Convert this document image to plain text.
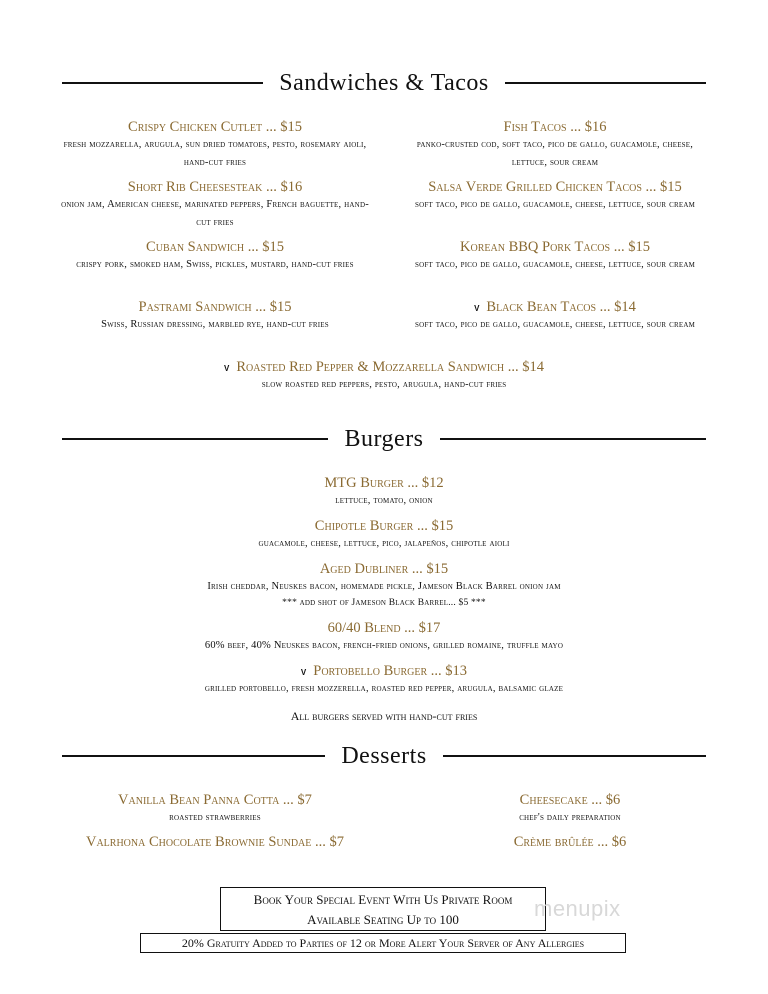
Sandwiches & Tacos
Crispy Chicken Cutlet ... $15
fresh mozzarella, arugula, sun dried tomatoes, pesto, rosemary aioli, hand-cut fries
Short Rib Cheesesteak ... $16
onion jam, American cheese, marinated peppers, French baguette, hand-cut fries
Cuban Sandwich ... $15
crispy pork, smoked ham, Swiss, pickles, mustard, hand-cut fries
Pastrami Sandwich ... $15
Swiss, Russian dressing, marbled rye, hand-cut fries
Fish Tacos ... $16
panko-crusted cod, soft taco, pico de gallo, guacamole, cheese, lettuce, sour cream
Salsa Verde Grilled Chicken Tacos ... $15
soft taco, pico de gallo, guacamole, cheese, lettuce, sour cream
Korean BBQ Pork Tacos ... $15
soft taco, pico de gallo, guacamole, cheese, lettuce, sour cream
v Black Bean Tacos ... $14
soft taco, pico de gallo, guacamole, cheese, lettuce, sour cream
v Roasted Red Pepper & Mozzarella Sandwich ... $14
slow roasted red peppers, pesto, arugula, hand-cut fries
Burgers
MTG Burger ... $12
lettuce, tomato, onion
Chipotle Burger ... $15
guacamole, cheese, lettuce, pico, jalapeños, chipotle aioli
Aged Dubliner ... $15
Irish cheddar, Neuskes bacon, homemade pickle, Jameson Black Barrel onion jam
*** add shot of Jameson Black Barrel... $5 ***
60/40 Blend ... $17
60% beef, 40% Neuskes bacon, french-fried onions, grilled romaine, truffle mayo
v Portobello Burger ... $13
grilled portobello, fresh mozzerella, roasted red pepper, arugula, balsamic glaze
All burgers served with hand-cut fries
Desserts
Vanilla Bean Panna Cotta ... $7
roasted strawberries
Valrhona Chocolate Brownie Sundae ... $7
Cheesecake ... $6
chef's daily preparation
Crème brûlée ... $6
Book Your Special Event With Us Private Room
Available Seating Up to 100
20% Gratuity Added to Parties of 12 or More Alert Your Server of Any Allergies
menupix
